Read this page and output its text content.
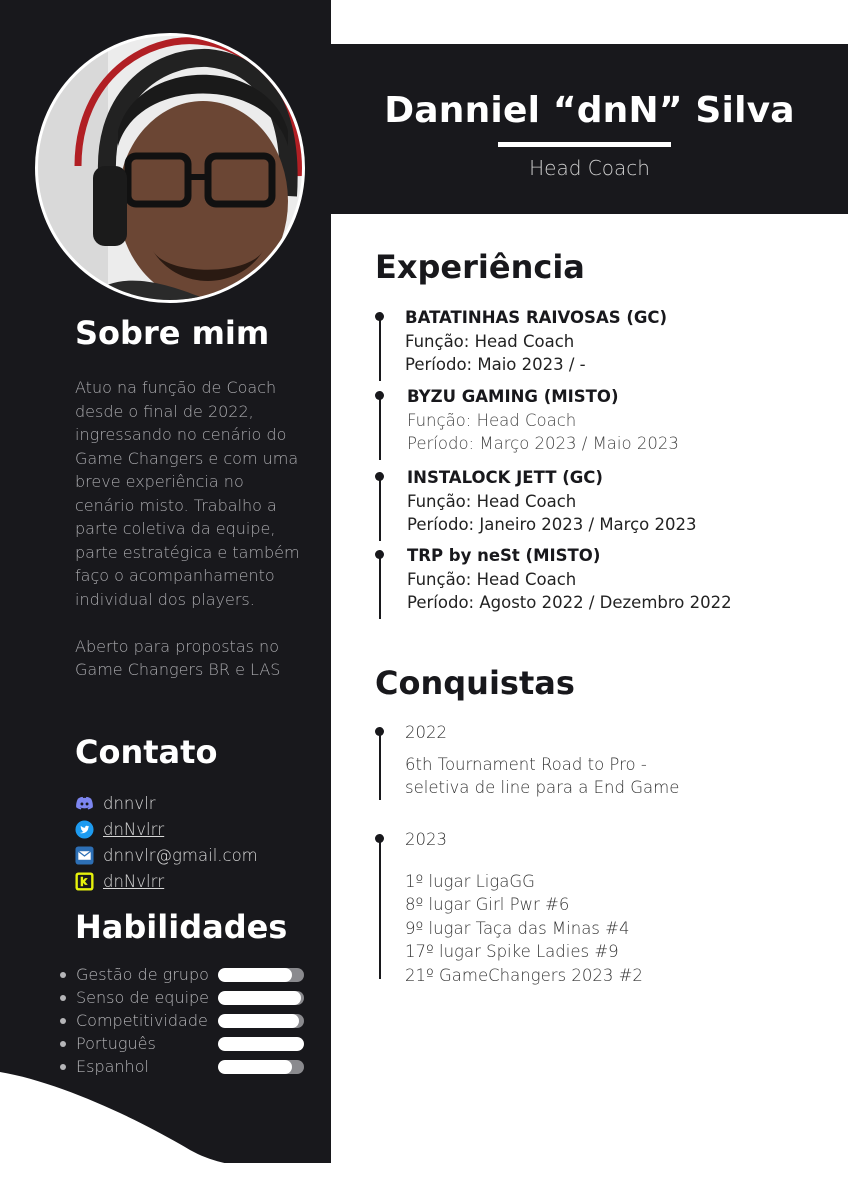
Danniel “dnN” Silva
Head Coach
Sobre mim

Atuo na função de Coach desde o final de 2022, ingressando no cenário do Game Changers e com uma breve experiência no cenário misto. Trabalho a parte coletiva da equipe, parte estratégica e também faço o acompanhamento individual dos players.

Aberto para propostas no Game Changers BR e LAS

Contato
dnnvlr
dnNvlrr
dnnvlr@gmail.com
dnNvlrr
Habilidades
Gestão de grupo
Senso de equipe
Competitividade
Português
Espanhol
Experiência
BATATINHAS RAIVOSAS (GC)
Função: Head Coach
Período: Maio 2023 / -
BYZU GAMING (MISTO)
Função: Head Coach
Período: Março 2023 / Maio 2023
INSTALOCK JETT (GC)
Função: Head Coach
Período: Janeiro 2023 / Março 2023
TRP by neSt (MISTO)
Função: Head Coach
Período: Agosto 2022 / Dezembro 2022
Conquistas
2022
6th Tournament Road to Pro -
seletiva de line para a End Game
2023
1º lugar LigaGG
8º lugar Girl Pwr #6
9º lugar Taça das Minas #4
17º lugar Spike Ladies #9
21º GameChangers 2023 #2
